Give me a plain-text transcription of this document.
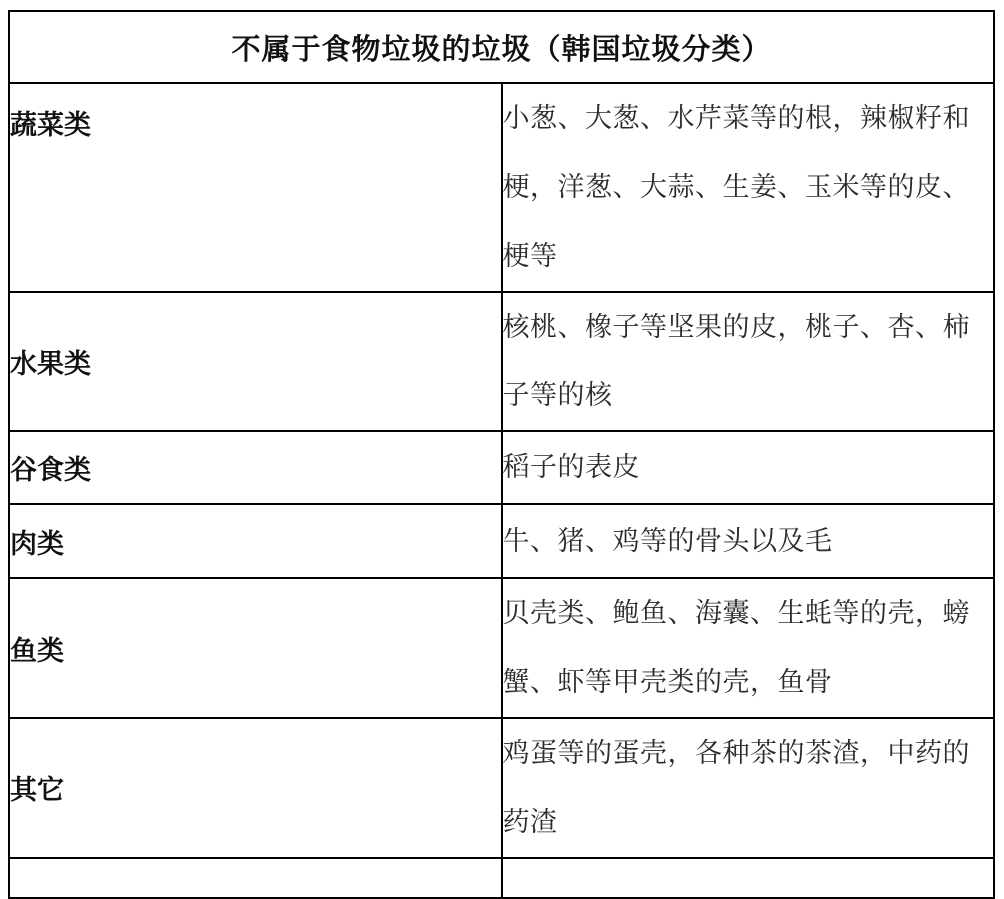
不属于食物垃圾的垃圾（韩国垃圾分类）	
蔬菜类	小葱、大葱、水芹菜等的根，辣椒籽和梗，洋葱、大蒜、生姜、玉米等的皮、梗等
水果类	核桃、橡子等坚果的皮，桃子、杏、柿子等的核
谷食类	稻子的表皮
肉类	牛、猪、鸡等的骨头以及毛
鱼类	贝壳类、鲍鱼、海囊、生蚝等的壳，螃蟹、虾等甲壳类的壳，鱼骨
其它	鸡蛋等的蛋壳，各种茶的茶渣，中药的药渣
